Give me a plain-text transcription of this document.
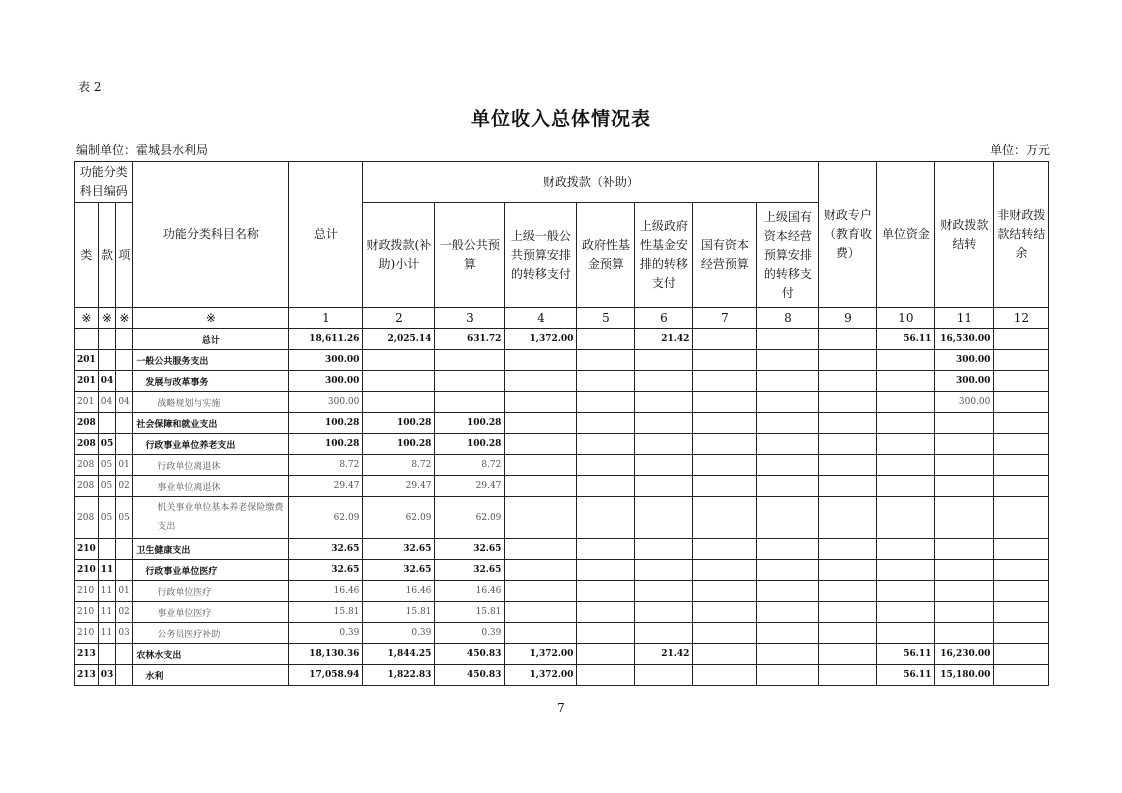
表 2
单位收入总体情况表
编制单位：霍城县水利局	单位：万元
功能分类科目编码			功能分类科目名称	总计	财政拨款（补助）							财政专户（教育收费）	单位资金	财政拨款结转	非财政拨款结转结余
类	款	项			财政拨款(补助)小计	一般公共预算	上级一般公共预算安排的转移支付	政府性基金预算	上级政府性基金安排的转移支付	国有资本经营预算	上级国有资本经营预算安排的转移支付				
※	※	※	※	1	2	3	4	5	6	7	8	9	10	11	12
			总计	18,611.26	2,025.14	631.72	1,372.00		21.42				56.11	16,530.00	
201			一般公共服务支出	300.00										300.00	
201	04		发展与改革事务	300.00										300.00	
201	04	04	战略规划与实施	300.00										300.00	
208			社会保障和就业支出	100.28	100.28	100.28									
208	05		行政事业单位养老支出	100.28	100.28	100.28									
208	05	01	行政单位离退休	8.72	8.72	8.72									
208	05	02	事业单位离退休	29.47	29.47	29.47									
208	05	05	机关事业单位基本养老保险缴费支出	62.09	62.09	62.09									
210			卫生健康支出	32.65	32.65	32.65									
210	11		行政事业单位医疗	32.65	32.65	32.65									
210	11	01	行政单位医疗	16.46	16.46	16.46									
210	11	02	事业单位医疗	15.81	15.81	15.81									
210	11	03	公务员医疗补助	0.39	0.39	0.39									
213			农林水支出	18,130.36	1,844.25	450.83	1,372.00		21.42				56.11	16,230.00	
213	03		水利	17,058.94	1,822.83	450.83	1,372.00						56.11	15,180.00	
7
